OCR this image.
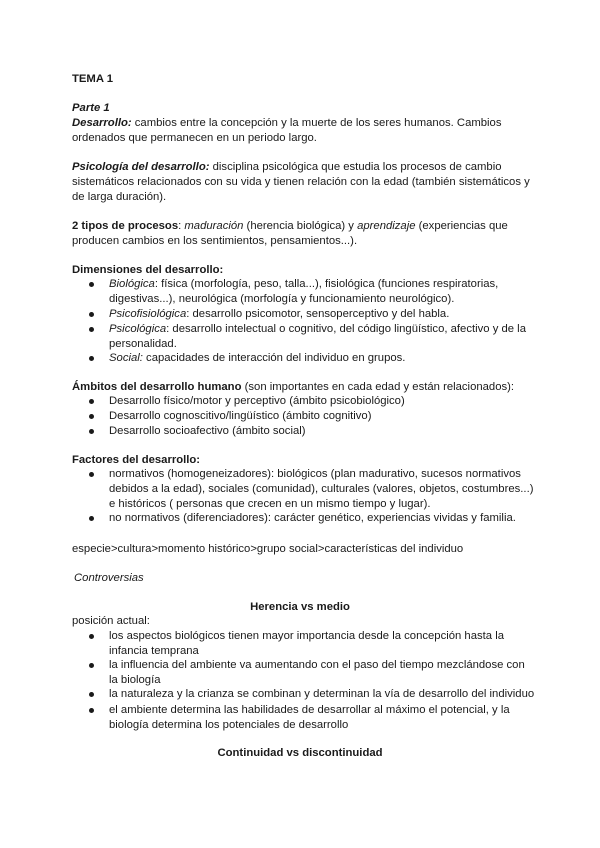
TEMA 1
Parte 1
Desarrollo: cambios entre la concepción y la muerte de los seres humanos. Cambios
ordenados que permanecen en un periodo largo.
Psicología del desarrollo: disciplina psicológica que estudia los procesos de cambio
sistemáticos relacionados con su vida y tienen relación con la edad (también sistemáticos y
de larga duración).
2 tipos de procesos: maduración (herencia biológica) y aprendizaje (experiencias que
producen cambios en los sentimientos, pensamientos...).
Dimensiones del desarrollo:
Biológica: física (morfología, peso, talla...), fisiológica (funciones respiratorias,
digestivas...), neurológica (morfología y funcionamiento neurológico).
Psicofisiológica: desarrollo psicomotor, sensoperceptivo y del habla.
Psicológica: desarrollo intelectual o cognitivo, del código lingüístico, afectivo y de la
personalidad.
Social: capacidades de interacción del individuo en grupos.
Ámbitos del desarrollo humano (son importantes en cada edad y están relacionados):
Desarrollo físico/motor y perceptivo (ámbito psicobiológico)
Desarrollo cognoscitivo/lingüístico (ámbito cognitivo)
Desarrollo socioafectivo (ámbito social)
Factores del desarrollo:
normativos (homogeneizadores): biológicos (plan madurativo, sucesos normativos
debidos a la edad), sociales (comunidad), culturales (valores, objetos, costumbres...)
e históricos ( personas que crecen en un mismo tiempo y lugar).
no normativos (diferenciadores): carácter genético, experiencias vividas y familia.
especie>cultura>momento histórico>grupo social>características del individuo
Controversias
Herencia vs medio
posición actual:
los aspectos biológicos tienen mayor importancia desde la concepción hasta la
infancia temprana
la influencia del ambiente va aumentando con el paso del tiempo mezclándose con
la biología
la naturaleza y la crianza se combinan y determinan la vía de desarrollo del individuo
el ambiente determina las habilidades de desarrollar al máximo el potencial, y la
biología determina los potenciales de desarrollo
Continuidad vs discontinuidad
